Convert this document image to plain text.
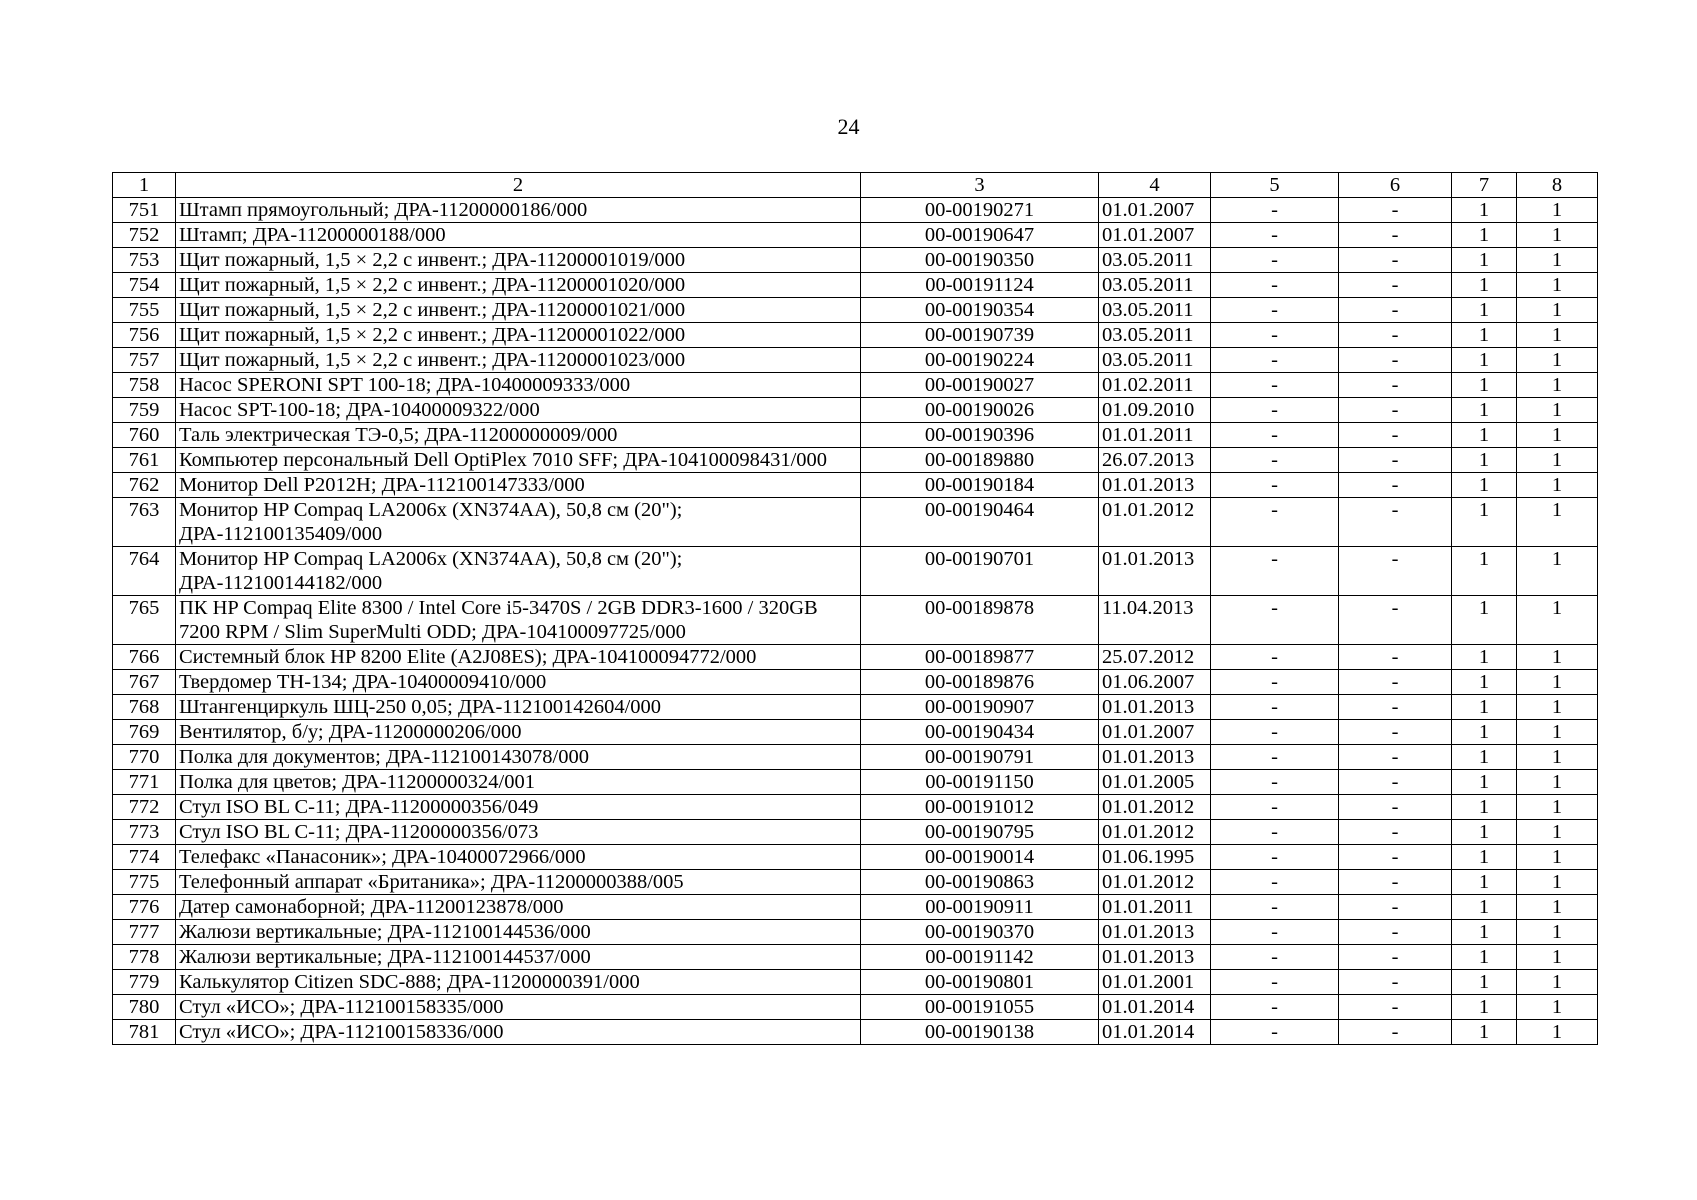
24
1	2	3	4	5	6	7	8
751	Штамп прямоугольный; ДРА-11200000186/000	00-00190271	01.01.2007	-	-	1	1
752	Штамп; ДРА-11200000188/000	00-00190647	01.01.2007	-	-	1	1
753	Щит пожарный, 1,5 × 2,2 с инвент.; ДРА-11200001019/000	00-00190350	03.05.2011	-	-	1	1
754	Щит пожарный, 1,5 × 2,2 с инвент.; ДРА-11200001020/000	00-00191124	03.05.2011	-	-	1	1
755	Щит пожарный, 1,5 × 2,2 с инвент.; ДРА-11200001021/000	00-00190354	03.05.2011	-	-	1	1
756	Щит пожарный, 1,5 × 2,2 с инвент.; ДРА-11200001022/000	00-00190739	03.05.2011	-	-	1	1
757	Щит пожарный, 1,5 × 2,2 с инвент.; ДРА-11200001023/000	00-00190224	03.05.2011	-	-	1	1
758	Насос SPERONI SPT 100-18; ДРА-10400009333/000	00-00190027	01.02.2011	-	-	1	1
759	Насос SPT-100-18; ДРА-10400009322/000	00-00190026	01.09.2010	-	-	1	1
760	Таль электрическая ТЭ-0,5; ДРА-11200000009/000	00-00190396	01.01.2011	-	-	1	1
761	Компьютер персональный Dell OptiPlex 7010 SFF; ДРА-104100098431/000	00-00189880	26.07.2013	-	-	1	1
762	Монитор Dell P2012H; ДРА-112100147333/000	00-00190184	01.01.2013	-	-	1	1
763	Монитор HP Compaq LA2006x (XN374AA), 50,8 см (20"); ДРА-112100135409/000	00-00190464	01.01.2012	-	-	1	1
764	Монитор HP Compaq LA2006x (XN374AA), 50,8 см (20"); ДРА-112100144182/000	00-00190701	01.01.2013	-	-	1	1
765	ПК HP Compaq Elite 8300 / Intel Core i5-3470S / 2GB DDR3-1600 / 320GB 7200 RPM / Slim SuperMulti ODD; ДРА-104100097725/000	00-00189878	11.04.2013	-	-	1	1
766	Системный блок HP 8200 Elite (A2J08ES); ДРА-104100094772/000	00-00189877	25.07.2012	-	-	1	1
767	Твердомер ТН-134; ДРА-10400009410/000	00-00189876	01.06.2007	-	-	1	1
768	Штангенциркуль ШЦ-250 0,05; ДРА-112100142604/000	00-00190907	01.01.2013	-	-	1	1
769	Вентилятор, б/у; ДРА-11200000206/000	00-00190434	01.01.2007	-	-	1	1
770	Полка для документов; ДРА-112100143078/000	00-00190791	01.01.2013	-	-	1	1
771	Полка для цветов; ДРА-11200000324/001	00-00191150	01.01.2005	-	-	1	1
772	Стул ISO BL C-11; ДРА-11200000356/049	00-00191012	01.01.2012	-	-	1	1
773	Стул ISO BL C-11; ДРА-11200000356/073	00-00190795	01.01.2012	-	-	1	1
774	Телефакс «Панасоник»; ДРА-10400072966/000	00-00190014	01.06.1995	-	-	1	1
775	Телефонный аппарат «Британика»; ДРА-11200000388/005	00-00190863	01.01.2012	-	-	1	1
776	Датер самонаборной; ДРА-11200123878/000	00-00190911	01.01.2011	-	-	1	1
777	Жалюзи вертикальные; ДРА-112100144536/000	00-00190370	01.01.2013	-	-	1	1
778	Жалюзи вертикальные; ДРА-112100144537/000	00-00191142	01.01.2013	-	-	1	1
779	Калькулятор Citizen SDC-888; ДРА-11200000391/000	00-00190801	01.01.2001	-	-	1	1
780	Стул «ИСО»; ДРА-112100158335/000	00-00191055	01.01.2014	-	-	1	1
781	Стул «ИСО»; ДРА-112100158336/000	00-00190138	01.01.2014	-	-	1	1
